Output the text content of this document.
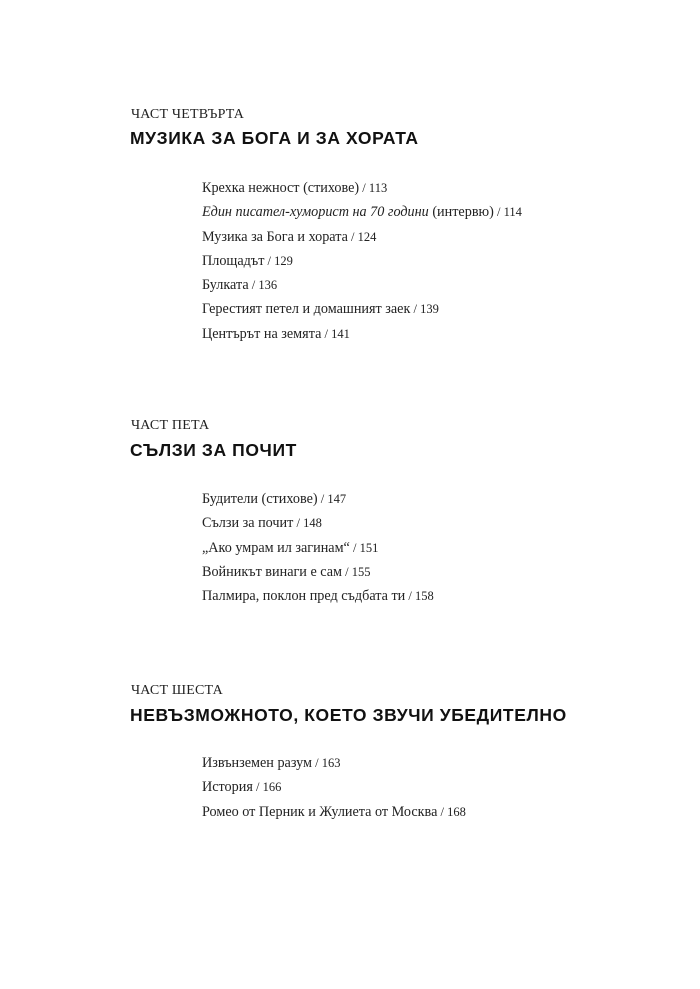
ЧАСТ ЧЕТВЪРТА
МУЗИКА ЗА БОГА И ЗА ХОРАТА
Крехка нежност (стихове) / 113
Един писател-хуморист на 70 години (интервю) / 114
Музика за Бога и хората / 124
Площадът / 129
Булката / 136
Герестият петел и домашният заек / 139
Центърът на земята / 141
ЧАСТ ПЕТА
СЪЛЗИ ЗА ПОЧИТ
Будители (стихове) / 147
Сълзи за почит / 148
„Ако умрам ил загинам“ / 151
Войникът винаги е сам / 155
Палмира, поклон пред съдбата ти / 158
ЧАСТ ШЕСТА
НЕВЪЗМОЖНОТО, КОЕТО ЗВУЧИ УБЕДИТЕЛНО
Извънземен разум / 163
История / 166
Ромео от Перник и Жулиета от Москва / 168
